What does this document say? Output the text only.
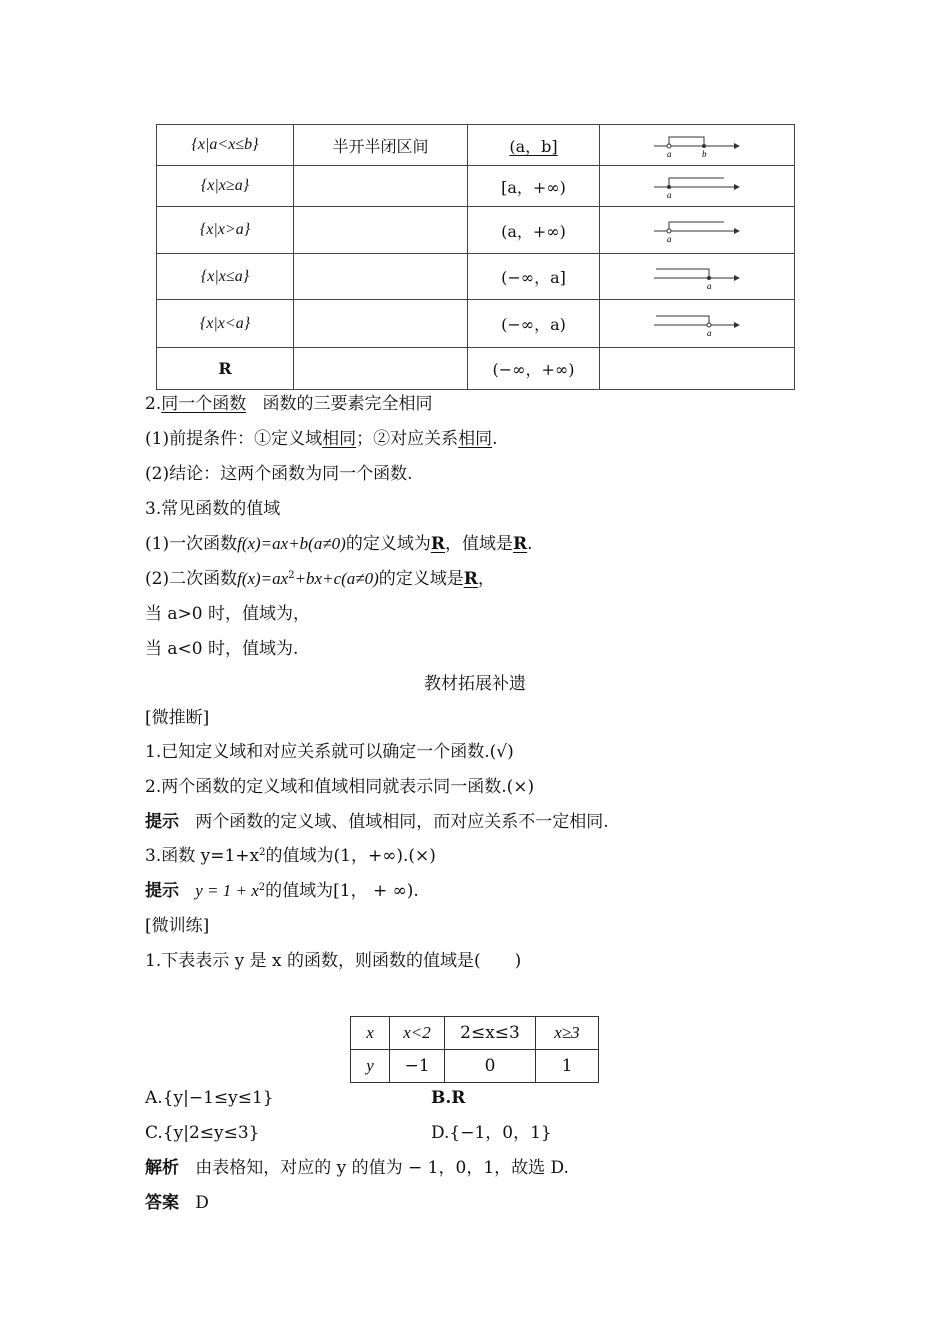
{x|a<x≤b}	半开半闭区间	(a，b]	a b

{x|x≥a}		[a，+∞)	a

{x|x>a}		(a，+∞)	a

{x|x≤a}		(−∞，a]	a

{x|x<a}		(−∞，a)	a

R		(−∞，+∞)	
2.同一个函数 函数的三要素完全相同
(1)前提条件：①定义域相同；②对应关系相同.
(2)结论：这两个函数为同一个函数.
3.常见函数的值域
(1)一次函数f(x)=ax+b(a≠0)的定义域为R，值域是R.
(2)二次函数$f(x)=ax^2+bx+c(a\ne 0)$的定义域是R，
当 a>0 时，值域为，
当 a<0 时，值域为.
教材拓展补遗
[微推断]
1.已知定义域和对应关系就可以确定一个函数.(√)
2.两个函数的定义域和值域相同就表示同一函数.(×)
提示 两个函数的定义域、值域相同，而对应关系不一定相同.
3.函数 $y=1+x^2$的值域为(1，+∞).(×)
提示 $y = 1 + x^2$的值域为[1， + ∞).
[微训练]
1.下表表示 y 是 x 的函数，则函数的值域是(　　)
x	x<2	2≤x≤3	x≥3
y	−1	0	1
A.{y|−1≤y≤1}	B.R
C.{y|2≤y≤3}	D.{−1，0，1}
解析 由表格知，对应的 y 的值为 − 1，0，1，故选 D.
答案 D
